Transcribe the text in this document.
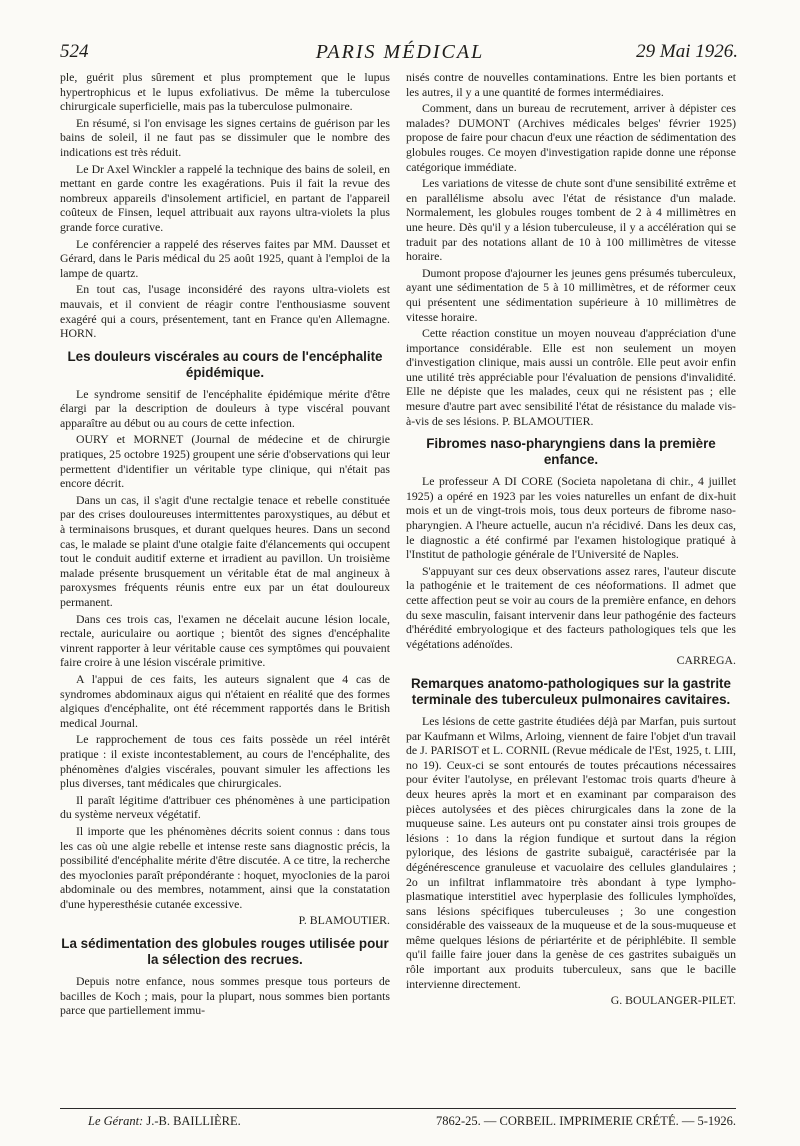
524	PARIS MÉDICAL	29 Mai 1926.

ple, guérit plus sûrement et plus promptement que le lupus hypertrophicus et le lupus exfoliativus. De même la tuberculose chirurgicale superficielle, mais pas la tuberculose pulmonaire.

En résumé, si l'on envisage les signes certains de guérison par les bains de soleil, il ne faut pas se dissimuler que le nombre des indications est très réduit.

Le Dr Axel Winckler a rappelé la technique des bains de soleil, en mettant en garde contre les exagérations. Puis il fait la revue des nombreux appareils d'insolement artificiel, en partant de l'appareil coûteux de Finsen, lequel attribuait aux rayons ultra-violets la plus grande force curative.

Le conférencier a rappelé des réserves faites par MM. Dausset et Gérard, dans le Paris médical du 25 août 1925, quant à l'emploi de la lampe de quartz.

En tout cas, l'usage inconsidéré des rayons ultra-violets est mauvais, et il convient de réagir contre l'enthousiasme souvent exagéré qui a cours, présentement, tant en France qu'en Allemagne. HORN.

Les douleurs viscérales au cours de l'encéphalite épidémique.

Le syndrome sensitif de l'encéphalite épidémique mérite d'être élargi par la description de douleurs à type viscéral pouvant apparaître au début ou au cours de cette infection.

OURY et MORNET (Journal de médecine et de chirurgie pratiques, 25 octobre 1925) groupent une série d'observations qui leur permettent d'identifier un véritable type clinique, qui n'était pas encore décrit.

Dans un cas, il s'agit d'une rectalgie tenace et rebelle constituée par des crises douloureuses intermittentes paroxystiques, au début et à terminaisons brusques, et durant quelques heures. Dans un second cas, le malade se plaint d'une otalgie faite d'élancements qui occupent tout le conduit auditif externe et irradient au pavillon. Un troisième malade présente brusquement un véritable état de mal angineux à paroxysmes fréquents réunis entre eux par un état douloureux permanent.

Dans ces trois cas, l'examen ne décelait aucune lésion locale, rectale, auriculaire ou aortique ; bientôt des signes d'encéphalite vinrent rapporter à leur véritable cause ces symptômes qui pouvaient faire croire à une lésion viscérale primitive.

A l'appui de ces faits, les auteurs signalent que 4 cas de syndromes abdominaux aigus qui n'étaient en réalité que des formes algiques d'encéphalite, ont été récemment rapportés dans le British medical Journal.

Le rapprochement de tous ces faits possède un réel intérêt pratique : il existe incontestablement, au cours de l'encéphalite, des phénomènes d'algies viscérales, pouvant simuler les affections les plus diverses, tant médicales que chirurgicales.

Il paraît légitime d'attribuer ces phénomènes à une participation du système nerveux végétatif.

Il importe que les phénomènes décrits soient connus : dans tous les cas où une algie rebelle et intense reste sans diagnostic précis, la possibilité d'encéphalite mérite d'être discutée. A ce titre, la recherche des myoclonies paraît prépondérante : hoquet, myoclonies de la paroi abdominale ou des membres, notamment, ainsi que la constatation d'une hyperesthésie cutanée excessive.

P. BLAMOUTIER.

La sédimentation des globules rouges utilisée pour la sélection des recrues.

Depuis notre enfance, nous sommes presque tous porteurs de bacilles de Koch ; mais, pour la plupart, nous sommes bien portants parce que partiellement immu-

nisés contre de nouvelles contaminations. Entre les bien portants et les autres, il y a une quantité de formes intermédiaires.

Comment, dans un bureau de recrutement, arriver à dépister ces malades? DUMONT (Archives médicales belges' février 1925) propose de faire pour chacun d'eux une réaction de sédimentation des globules rouges. Ce moyen d'investigation rapide donne une réponse catégorique immédiate.

Les variations de vitesse de chute sont d'une sensibilité extrême et en parallélisme absolu avec l'état de résistance d'un malade. Normalement, les globules rouges tombent de 2 à 4 millimètres en une heure. Dès qu'il y a lésion tuberculeuse, il y a accélération qui se traduit par des notations allant de 10 à 100 millimètres de vitesse horaire.

Dumont propose d'ajourner les jeunes gens présumés tuberculeux, ayant une sédimentation de 5 à 10 millimètres, et de réformer ceux qui présentent une sédimentation supérieure à 10 millimètres de vitesse horaire.

Cette réaction constitue un moyen nouveau d'appréciation d'une importance considérable. Elle est non seulement un moyen d'investigation clinique, mais aussi un contrôle. Elle peut avoir enfin une utilité très appréciable pour l'évaluation de pensions d'invalidité. Elle ne dépiste que les malades, ceux qui ne résistent pas ; elle mesure d'autre part avec sensibilité l'état de résistance du malade vis-à-vis de ses lésions. P. BLAMOUTIER.

Fibromes naso-pharyngiens dans la première enfance.

Le professeur A DI CORE (Societa napoletana di chir., 4 juillet 1925) a opéré en 1923 par les voies naturelles un enfant de dix-huit mois et un de vingt-trois mois, tous deux porteurs de fibrome naso-pharyngien. A l'heure actuelle, aucun n'a récidivé. Dans les deux cas, le diagnostic a été confirmé par l'examen histologique pratiqué à l'Institut de pathologie générale de l'Université de Naples.

S'appuyant sur ces deux observations assez rares, l'auteur discute la pathogénie et le traitement de ces néoformations. Il admet que cette affection peut se voir au cours de la première enfance, en dehors du sexe masculin, faisant intervenir dans leur pathogénie des facteurs d'hérédité embryologique et des facteurs pathologiques tels que les végétations adénoïdes.

CARREGA.

Remarques anatomo-pathologiques sur la gastrite terminale des tuberculeux pulmonaires cavitaires.

Les lésions de cette gastrite étudiées déjà par Marfan, puis surtout par Kaufmann et Wilms, Arloing, viennent de faire l'objet d'un travail de J. PARISOT et L. CORNIL (Revue médicale de l'Est, 1925, t. LIII, no 19). Ceux-ci se sont entourés de toutes précautions nécessaires pour éviter l'autolyse, en prélevant l'estomac trois quarts d'heure à deux heures après la mort et en examinant par comparaison des pièces autolysées et des pièces chirurgicales dans la zone de la muqueuse saine. Les auteurs ont pu constater ainsi trois groupes de lésions : 1o dans la région fundique et surtout dans la région pylorique, des lésions de gastrite subaiguë, caractérisée par la dégénérescence granuleuse et vacuolaire des cellules glandulaires ; 2o un infiltrat inflammatoire très abondant à type lympho-plasmatique interstitiel avec hyperplasie des follicules lymphoïdes, sans lésions spécifiques tuberculeuses ; 3o une congestion considérable des vaisseaux de la muqueuse et de la sous-muqueuse et même quelques lésions de périartérite et de périphlébite. Il semble qu'il faille faire jouer dans la genèse de ces gastrites subaiguës un rôle important aux produits tuberculeux, sans que le bacille intervienne directement.

G. BOULANGER-PILET.

Le Gérant: J.-B. BAILLIÈRE.	7862-25. — CORBEIL. IMPRIMERIE CRÉTÉ. — 5-1926.
